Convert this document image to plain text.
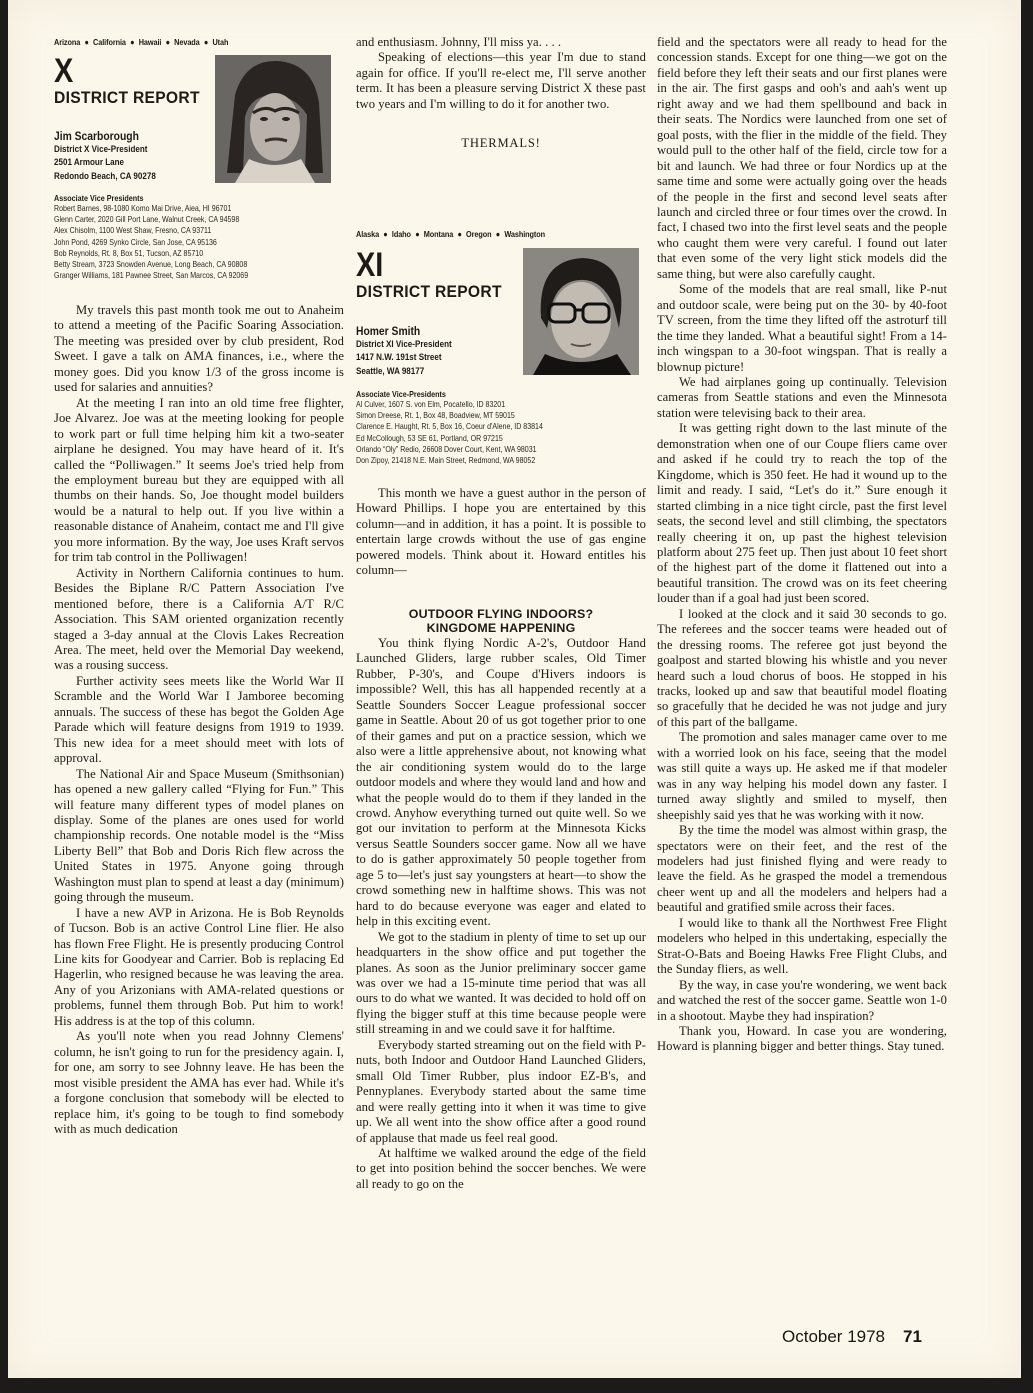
Arizona ● California ● Hawaii ● Nevada ● Utah
X
DISTRICT REPORT
Jim Scarborough
District X Vice-President
2501 Armour Lane
Redondo Beach, CA 90278
Associate Vice Presidents
Robert Barnes, 98-1080 Komo Mai Drive, Aiea, HI 96701
Glenn Carter, 2020 Gill Port Lane, Walnut Creek, CA 94598
Alex Chisolm, 1100 West Shaw, Fresno, CA 93711
John Pond, 4269 Synko Circle, San Jose, CA 95136
Bob Reynolds, Rt. 8, Box 51, Tucson, AZ 85710
Betty Stream, 3723 Snowden Avenue, Long Beach, CA 90808
Granger Williams, 181 Pawnee Street, San Marcos, CA 92069

My travels this past month took me out to Anaheim to attend a meeting of the Pacific Soaring Association. The meeting was presided over by club president, Rod Sweet. I gave a talk on AMA finances, i.e., where the money goes. Did you know 1/3 of the gross income is used for salaries and annuities?

At the meeting I ran into an old time free flighter, Joe Alvarez. Joe was at the meeting looking for people to work part or full time helping him kit a two-seater airplane he designed. You may have heard of it. It's called the “Polliwagen.” It seems Joe's tried help from the employment bureau but they are equipped with all thumbs on their hands. So, Joe thought model builders would be a natural to help out. If you live within a reasonable distance of Anaheim, contact me and I'll give you more information. By the way, Joe uses Kraft servos for trim tab control in the Polliwagen!

Activity in Northern California continues to hum. Besides the Biplane R/C Pattern Association I've mentioned before, there is a California A/T R/C Association. This SAM oriented organization recently staged a 3-day annual at the Clovis Lakes Recreation Area. The meet, held over the Memorial Day weekend, was a rousing success.

Further activity sees meets like the World War II Scramble and the World War I Jamboree becoming annuals. The success of these has begot the Golden Age Parade which will feature designs from 1919 to 1939. This new idea for a meet should meet with lots of approval.

The National Air and Space Museum (Smithsonian) has opened a new gallery called “Flying for Fun.” This will feature many different types of model planes on display. Some of the planes are ones used for world championship records. One notable model is the “Miss Liberty Bell” that Bob and Doris Rich flew across the United States in 1975. Anyone going through Washington must plan to spend at least a day (minimum) going through the museum.

I have a new AVP in Arizona. He is Bob Reynolds of Tucson. Bob is an active Control Line flier. He also has flown Free Flight. He is presently producing Control Line kits for Goodyear and Carrier. Bob is replacing Ed Hagerlin, who resigned because he was leaving the area. Any of you Arizonians with AMA-related questions or problems, funnel them through Bob. Put him to work! His address is at the top of this column.

As you'll note when you read Johnny Clemens' column, he isn't going to run for the presidency again. I, for one, am sorry to see Johnny leave. He has been the most visible president the AMA has ever had. While it's a forgone conclusion that somebody will be elected to replace him, it's going to be tough to find somebody with as much dedication

and enthusiasm. Johnny, I'll miss ya. . . .

Speaking of elections—this year I'm due to stand again for office. If you'll re-elect me, I'll serve another term. It has been a pleasure serving District X these past two years and I'm willing to do it for another two.

THERMALS!
Alaska ● Idaho ● Montana ● Oregon ● Washington
XI
DISTRICT REPORT
Homer Smith
District XI Vice-President
1417 N.W. 191st Street
Seattle, WA 98177
Associate Vice-Presidents
Al Culver, 1607 S. von Elm, Pocatello, ID 83201
Simon Dreese, Rt. 1, Box 48, Boadview, MT 59015
Clarence E. Haught, Rt. 5, Box 16, Coeur d'Alene, ID 83814
Ed McCollough, 53 SE 61, Portland, OR 97215
Orlando “Oly” Redio, 26608 Dover Court, Kent, WA 98031
Don Zipoy, 21418 N.E. Main Street, Redmond, WA 98052

This month we have a guest author in the person of Howard Phillips. I hope you are entertained by this column—and in addition, it has a point. It is possible to entertain large crowds without the use of gas engine powered models. Think about it. Howard entitles his column—

OUTDOOR FLYING INDOORS?
KINGDOME HAPPENING

You think flying Nordic A-2's, Outdoor Hand Launched Gliders, large rubber scales, Old Timer Rubber, P-30's, and Coupe d'Hivers indoors is impossible? Well, this has all happended recently at a Seattle Sounders Soccer League professional soccer game in Seattle. About 20 of us got together prior to one of their games and put on a practice session, which we also were a little apprehensive about, not knowing what the air conditioning system would do to the large outdoor models and where they would land and how and what the people would do to them if they landed in the crowd. Anyhow everything turned out quite well. So we got our invitation to perform at the Minnesota Kicks versus Seattle Sounders soccer game. Now all we have to do is gather approximately 50 people together from age 5 to—let's just say youngsters at heart—to show the crowd something new in halftime shows. This was not hard to do because everyone was eager and elated to help in this exciting event.

We got to the stadium in plenty of time to set up our headquarters in the show office and put together the planes. As soon as the Junior preliminary soccer game was over we had a 15-minute time period that was all ours to do what we wanted. It was decided to hold off on flying the bigger stuff at this time because people were still streaming in and we could save it for halftime.

Everybody started streaming out on the field with P-nuts, both Indoor and Outdoor Hand Launched Gliders, small Old Timer Rubber, plus indoor EZ-B's, and Pennyplanes. Everybody started about the same time and were really getting into it when it was time to give up. We all went into the show office after a good round of applause that made us feel real good.

At halftime we walked around the edge of the field to get into position behind the soccer benches. We were all ready to go on the

field and the spectators were all ready to head for the concession stands. Except for one thing—we got on the field before they left their seats and our first planes were in the air. The first gasps and ooh's and aah's went up right away and we had them spellbound and back in their seats. The Nordics were launched from one set of goal posts, with the flier in the middle of the field. They would pull to the other half of the field, circle tow for a bit and launch. We had three or four Nordics up at the same time and some were actually going over the heads of the people in the first and second level seats after launch and circled three or four times over the crowd. In fact, I chased two into the first level seats and the people who caught them were very careful. I found out later that even some of the very light stick models did the same thing, but were also carefully caught.

Some of the models that are real small, like P-nut and outdoor scale, were being put on the 30- by 40-foot TV screen, from the time they lifted off the astroturf till the time they landed. What a beautiful sight! From a 14-inch wingspan to a 30-foot wingspan. That is really a blownup picture!

We had airplanes going up continually. Television cameras from Seattle stations and even the Minnesota station were televising back to their area.

It was getting right down to the last minute of the demonstration when one of our Coupe fliers came over and asked if he could try to reach the top of the Kingdome, which is 350 feet. He had it wound up to the limit and ready. I said, “Let's do it.” Sure enough it started climbing in a nice tight circle, past the first level seats, the second level and still climbing, the spectators really cheering it on, up past the highest television platform about 275 feet up. Then just about 10 feet short of the highest part of the dome it flattened out into a beautiful transition. The crowd was on its feet cheering louder than if a goal had just been scored.

I looked at the clock and it said 30 seconds to go. The referees and the soccer teams were headed out of the dressing rooms. The referee got just beyond the goalpost and started blowing his whistle and you never heard such a loud chorus of boos. He stopped in his tracks, looked up and saw that beautiful model floating so gracefully that he decided he was not judge and jury of this part of the ballgame.

The promotion and sales manager came over to me with a worried look on his face, seeing that the model was still quite a ways up. He asked me if that modeler was in any way helping his model down any faster. I turned away slightly and smiled to myself, then sheepishly said yes that he was working with it now.

By the time the model was almost within grasp, the spectators were on their feet, and the rest of the modelers had just finished flying and were ready to leave the field. As he grasped the model a tremendous cheer went up and all the modelers and helpers had a beautiful and gratified smile across their faces.

I would like to thank all the Northwest Free Flight modelers who helped in this undertaking, especially the Strat-O-Bats and Boeing Hawks Free Flight Clubs, and the Sunday fliers, as well.

By the way, in case you're wondering, we went back and watched the rest of the soccer game. Seattle won 1-0 in a shootout. Maybe they had inspiration?

Thank you, Howard. In case you are wondering, Howard is planning bigger and better things. Stay tuned.

October 1978 71
